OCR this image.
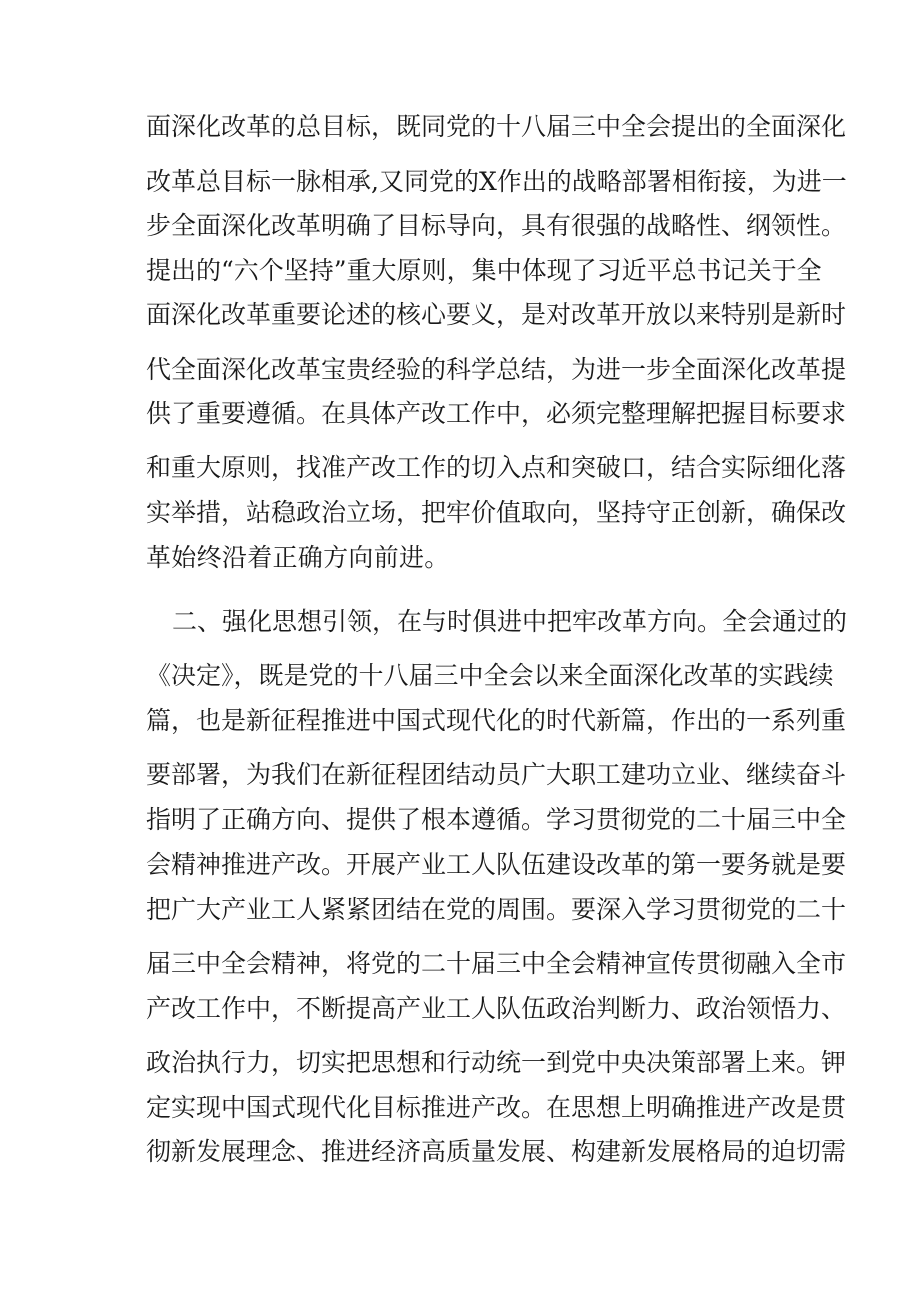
面深化改革的总目标，既同党的十八届三中全会提出的全面深化
改革总目标一脉相承,又同党的X作出的战略部署相衔接，为进一
步全面深化改革明确了目标导向，具有很强的战略性、纲领性。
提出的“六个坚持”重大原则，集中体现了习近平总书记关于全
面深化改革重要论述的核心要义，是对改革开放以来特别是新时
代全面深化改革宝贵经验的科学总结，为进一步全面深化改革提
供了重要遵循。在具体产改工作中，必须完整理解把握目标要求
和重大原则，找准产改工作的切入点和突破口，结合实际细化落
实举措，站稳政治立场，把牢价值取向，坚持守正创新，确保改
革始终沿着正确方向前进。
二、强化思想引领，在与时俱进中把牢改革方向。全会通过的
《决定》，既是党的十八届三中全会以来全面深化改革的实践续
篇，也是新征程推进中国式现代化的时代新篇，作出的一系列重
要部署，为我们在新征程团结动员广大职工建功立业、继续奋斗
指明了正确方向、提供了根本遵循。学习贯彻党的二十届三中全
会精神推进产改。开展产业工人队伍建设改革的第一要务就是要
把广大产业工人紧紧团结在党的周围。要深入学习贯彻党的二十
届三中全会精神，将党的二十届三中全会精神宣传贯彻融入全市
产改工作中，不断提高产业工人队伍政治判断力、政治领悟力、
政治执行力，切实把思想和行动统一到党中央决策部署上来。钾
定实现中国式现代化目标推进产改。在思想上明确推进产改是贯
彻新发展理念、推进经济高质量发展、构建新发展格局的迫切需
